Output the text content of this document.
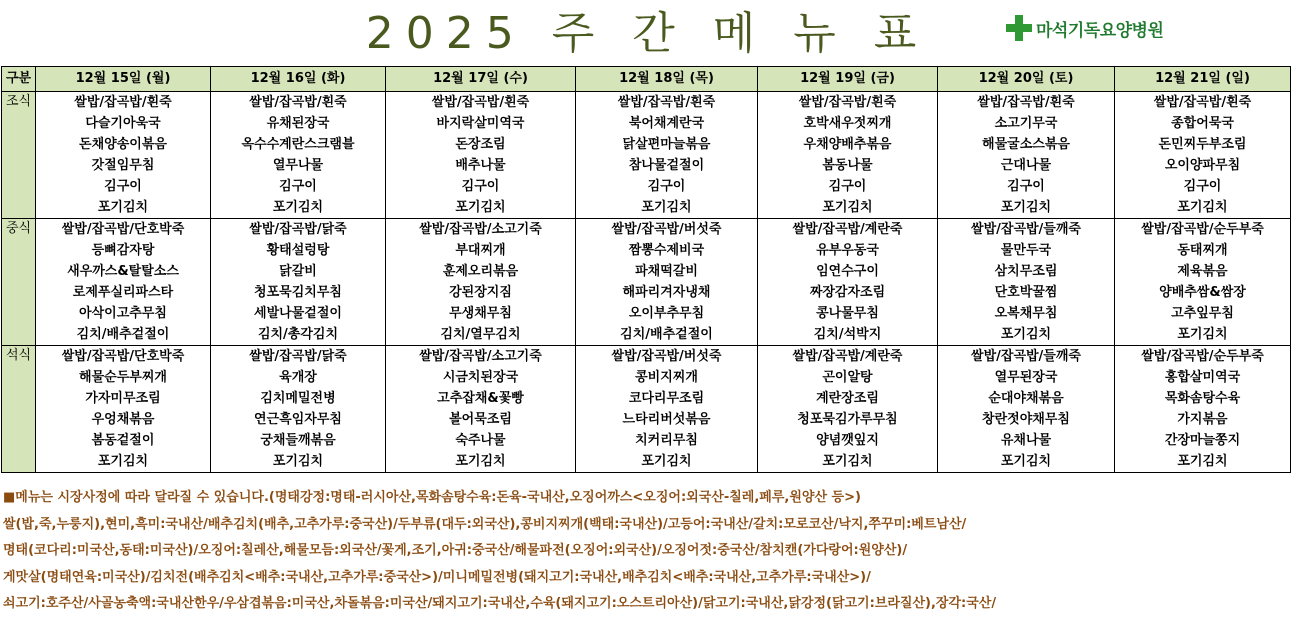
2025 주 간 메 뉴 표	마석기독요양병원
구분	12월 15일 (월)	12월 16일 (화)	12월 17일 (수)	12월 18일 (목)	12월 19일 (금)	12월 20일 (토)	12월 21일 (일)
조식	쌀밥/잡곡밥/흰죽	쌀밥/잡곡밥/흰죽	쌀밥/잡곡밥/흰죽	쌀밥/잡곡밥/흰죽	쌀밥/잡곡밥/흰죽	쌀밥/잡곡밥/흰죽	쌀밥/잡곡밥/흰죽
	다슬기아욱국	유채된장국	바지락살미역국	북어채계란국	호박새우젓찌개	소고기무국	종합어묵국
	돈채양송이볶음	옥수수계란스크램블	돈장조림	닭살편마늘볶음	우채양배추볶음	해물굴소스볶음	돈민찌두부조림
	갓절임무침	열무나물	배추나물	참나물겉절이	봄동나물	근대나물	오이양파무침
	김구이	김구이	김구이	김구이	김구이	김구이	김구이
	포기김치	포기김치	포기김치	포기김치	포기김치	포기김치	포기김치
중식	쌀밥/잡곡밥/단호박죽	쌀밥/잡곡밥/닭죽	쌀밥/잡곡밥/소고기죽	쌀밥/잡곡밥/버섯죽	쌀밥/잡곡밥/계란죽	쌀밥/잡곡밥/들깨죽	쌀밥/잡곡밥/순두부죽
	등뼈감자탕	황태설렁탕	부대찌개	짬뽕수제비국	유부우동국	물만두국	동태찌개
	새우까스&탈탈소스	닭갈비	훈제오리볶음	파채떡갈비	임연수구이	삼치무조림	제육볶음
	로제푸실리파스타	청포묵김치무침	강된장지짐	해파리겨자냉채	짜장감자조림	단호박꿀찜	양배추쌈&쌈장
	아삭이고추무침	세발나물겉절이	무생채무침	오이부추무침	콩나물무침	오복채무침	고추잎무침
	김치/배추겉절이	김치/총각김치	김치/열무김치	김치/배추겉절이	김치/석박지	포기김치	포기김치
석식	쌀밥/잡곡밥/단호박죽	쌀밥/잡곡밥/닭죽	쌀밥/잡곡밥/소고기죽	쌀밥/잡곡밥/버섯죽	쌀밥/잡곡밥/계란죽	쌀밥/잡곡밥/들깨죽	쌀밥/잡곡밥/순두부죽
	해물순두부찌개	육개장	시금치된장국	콩비지찌개	곤이알탕	열무된장국	홍합살미역국
	가자미무조림	김치메밀전병	고추잡채&꽃빵	코다리무조림	계란장조림	순대야채볶음	목화솜탕수육
	우엉채볶음	연근흑임자무침	볼어묵조림	느타리버섯볶음	청포묵김가루무침	창란젓야채무침	가지볶음
	봄동겉절이	궁채들깨볶음	숙주나물	치커리무침	양념깻잎지	유채나물	간장마늘쫑지
	포기김치	포기김치	포기김치	포기김치	포기김치	포기김치	포기김치
■메뉴는 시장사정에 따라 달라질 수 있습니다.(명태강정:명태-러시아산,목화솜탕수육:돈육-국내산,오징어까스<오징어:외국산-칠레,페루,원양산 등>)
쌀(밥,죽,누룽지),현미,흑미:국내산/배추김치(배추,고추가루:중국산)/두부류(대두:외국산),콩비지찌개(백태:국내산)/고등어:국내산/갈치:모로코산/낙지,쭈꾸미:베트남산/
명태(코다리:미국산,동태:미국산)/오징어:칠레산,해물모듬:외국산/꽃게,조기,아귀:중국산/해물파전(오징어:외국산)/오징어젓:중국산/참치캔(가다랑어:원양산)/
게맛살(명태연육:미국산)/김치전(배추김치<배추:국내산,고추가루:중국산>)/미니메밀전병(돼지고기:국내산,배추김치<배추:국내산,고추가루:국내산>)/
쇠고기:호주산/사골농축액:국내산한우/우삼겹볶음:미국산,차돌볶음:미국산/돼지고기:국내산,수육(돼지고기:오스트리아산)/닭고기:국내산,닭강정(닭고기:브라질산),장각:국산/
